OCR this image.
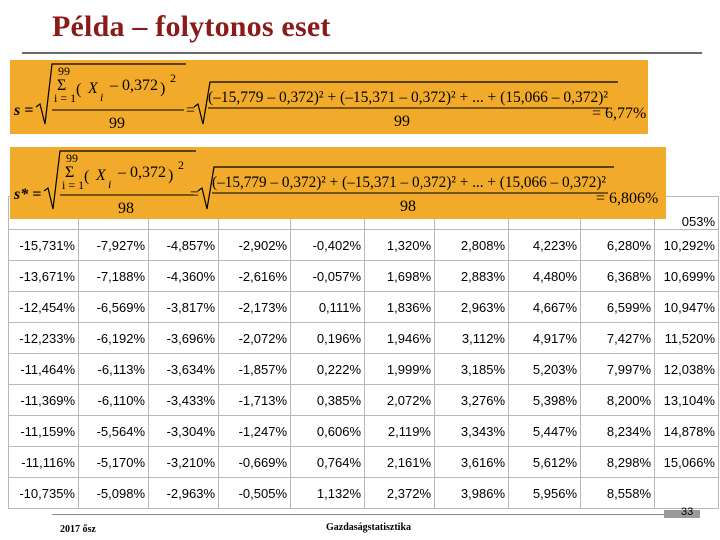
Példa – folytonos eset
									053%
-15,731%	-7,927%	-4,857%	-2,902%	-0,402%	1,320%	2,808%	4,223%	6,280%	10,292%
-13,671%	-7,188%	-4,360%	-2,616%	-0,057%	1,698%	2,883%	4,480%	6,368%	10,699%
-12,454%	-6,569%	-3,817%	-2,173%	0,111%	1,836%	2,963%	4,667%	6,599%	10,947%
-12,233%	-6,192%	-3,696%	-2,072%	0,196%	1,946%	3,112%	4,917%	7,427%	11,520%
-11,464%	-6,113%	-3,634%	-1,857%	0,222%	1,999%	3,185%	5,203%	7,997%	12,038%
-11,369%	-6,110%	-3,433%	-1,713%	0,385%	2,072%	3,276%	5,398%	8,200%	13,104%
-11,159%	-5,564%	-3,304%	-1,247%	0,606%	2,119%	3,343%	5,447%	8,234%	14,878%
-11,116%	-5,170%	-3,210%	-0,669%	0,764%	2,161%	3,616%	5,612%	8,298%	15,066%
-10,735%	-5,098%	-2,963%	-0,505%	1,132%	2,372%	3,986%	5,956%	8,558%	
s =
99
Σ
i = 1 ( X i
– 0,372 )
2
99
=
(–15,779 – 0,372)² + (–15,371 – 0,372)² + ... + (15,066 – 0,372)²
99	= 6,77%
s* =
99
Σ
i = 1 ( X i
– 0,372 )
2
98
=
(–15,779 – 0,372)² + (–15,371 – 0,372)² + ... + (15,066 – 0,372)²
98	= 6,806%
33
2017 ősz	Gazdaságstatisztika
